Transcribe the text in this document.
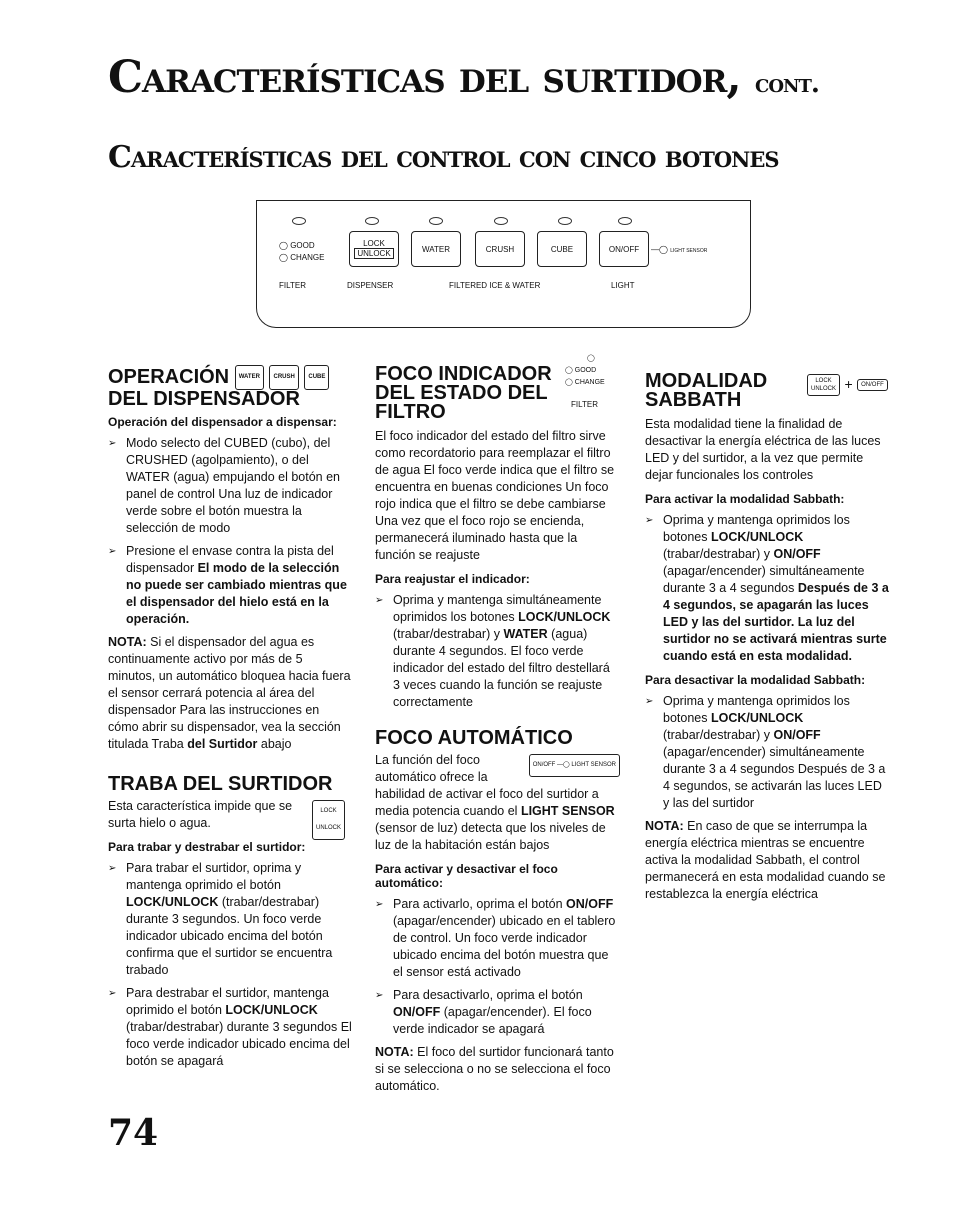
Características del surtidor, cont.
Características del control con cinco botones
◯ GOOD
◯ CHANGE
LOCK
UNLOCK	WATER	CRUSH	CUBE	ON/OFF —◯ LIGHT SENSOR
FILTER	DISPENSER	FILTERED ICE & WATER	LIGHT
OPERACIÓN WATER CRUSH CUBE
DEL DISPENSADOR
Operación del dispensador a dispensar:
➢ Modo selecto del CUBED (cubo), del CRUSHED (agolpamiento), o del WATER (agua) empujando el botón en panel de control Una luz de indicador verde sobre el botón muestra la selección de modo
➢ Presione el envase contra la pista del dispensador El modo de la selección no puede ser cambiado mientras que el dispensador del hielo está en la operación.
NOTA: Si el dispensador del agua es continuamente activo por más de 5 minutos, un automático bloquea hacia fuera el sensor cerrará potencia al área del dispensador Para las instrucciones en cómo abrir su dispensador, vea la sección titulada Traba del Surtidor abajo
TRABA DEL SURTIDOR
Esta característica impide que se surta hielo o agua.
LOCK
UNLOCK
Para trabar y destrabar el surtidor:
➢ Para trabar el surtidor, oprima y mantenga oprimido el botón LOCK/UNLOCK (trabar/destrabar) durante 3 segundos. Un foco verde indicador ubicado encima del botón confirma que el surtidor se encuentra trabado
➢ Para destrabar el surtidor, mantenga oprimido el botón LOCK/UNLOCK (trabar/destrabar) durante 3 segundos El foco verde indicador ubicado encima del botón se apagará
FOCO INDICADOR
DEL ESTADO DEL
FILTRO
◯
◯ GOOD
◯ CHANGE
FILTER
El foco indicador del estado del filtro sirve como recordatorio para reemplazar el filtro de agua El foco verde indica que el filtro se encuentra en buenas condiciones Un foco rojo indica que el filtro se debe cambiarse Una vez que el foco rojo se encienda, permanecerá iluminado hasta que la función se reajuste
Para reajustar el indicador:
➢ Oprima y mantenga simultáneamente oprimidos los botones LOCK/UNLOCK (trabar/destrabar) y WATER (agua) durante 4 segundos. El foco verde indicador del estado del filtro destellará 3 veces cuando la función se reajuste correctamente
FOCO AUTOMÁTICO
ON/OFF —◯ LIGHT SENSOR
La función del foco automático ofrece la habilidad de activar el foco del surtidor a media potencia cuando el LIGHT SENSOR (sensor de luz) detecta que los niveles de luz de la habitación están bajos
Para activar y desactivar el foco automático:
➢ Para activarlo, oprima el botón ON/OFF (apagar/encender) ubicado en el tablero de control. Un foco verde indicador ubicado encima del botón muestra que el sensor está activado
➢ Para desactivarlo, oprima el botón ON/OFF (apagar/encender). El foco verde indicador se apagará
NOTA: El foco del surtidor funcionará tanto si se selecciona o no se selecciona el foco automático.
MODALIDAD
SABBATH
LOCK
UNLOCK + ON/OFF
Esta modalidad tiene la finalidad de desactivar la energía eléctrica de las luces LED y del surtidor, a la vez que permite dejar funcionales los controles
Para activar la modalidad Sabbath:
➢ Oprima y mantenga oprimidos los botones LOCK/UNLOCK (trabar/destrabar) y ON/OFF (apagar/encender) simultáneamente durante 3 a 4 segundos Después de 3 a 4 segundos, se apagarán las luces LED y las del surtidor. La luz del surtidor no se activará mientras surte cuando está en esta modalidad.
Para desactivar la modalidad Sabbath:
➢ Oprima y mantenga oprimidos los botones LOCK/UNLOCK (trabar/destrabar) y ON/OFF (apagar/encender) simultáneamente durante 3 a 4 segundos Después de 3 a 4 segundos, se activarán las luces LED y las del surtidor
NOTA: En caso de que se interrumpa la energía eléctrica mientras se encuentre activa la modalidad Sabbath, el control permanecerá en esta modalidad cuando se restablezca la energía eléctrica
74
